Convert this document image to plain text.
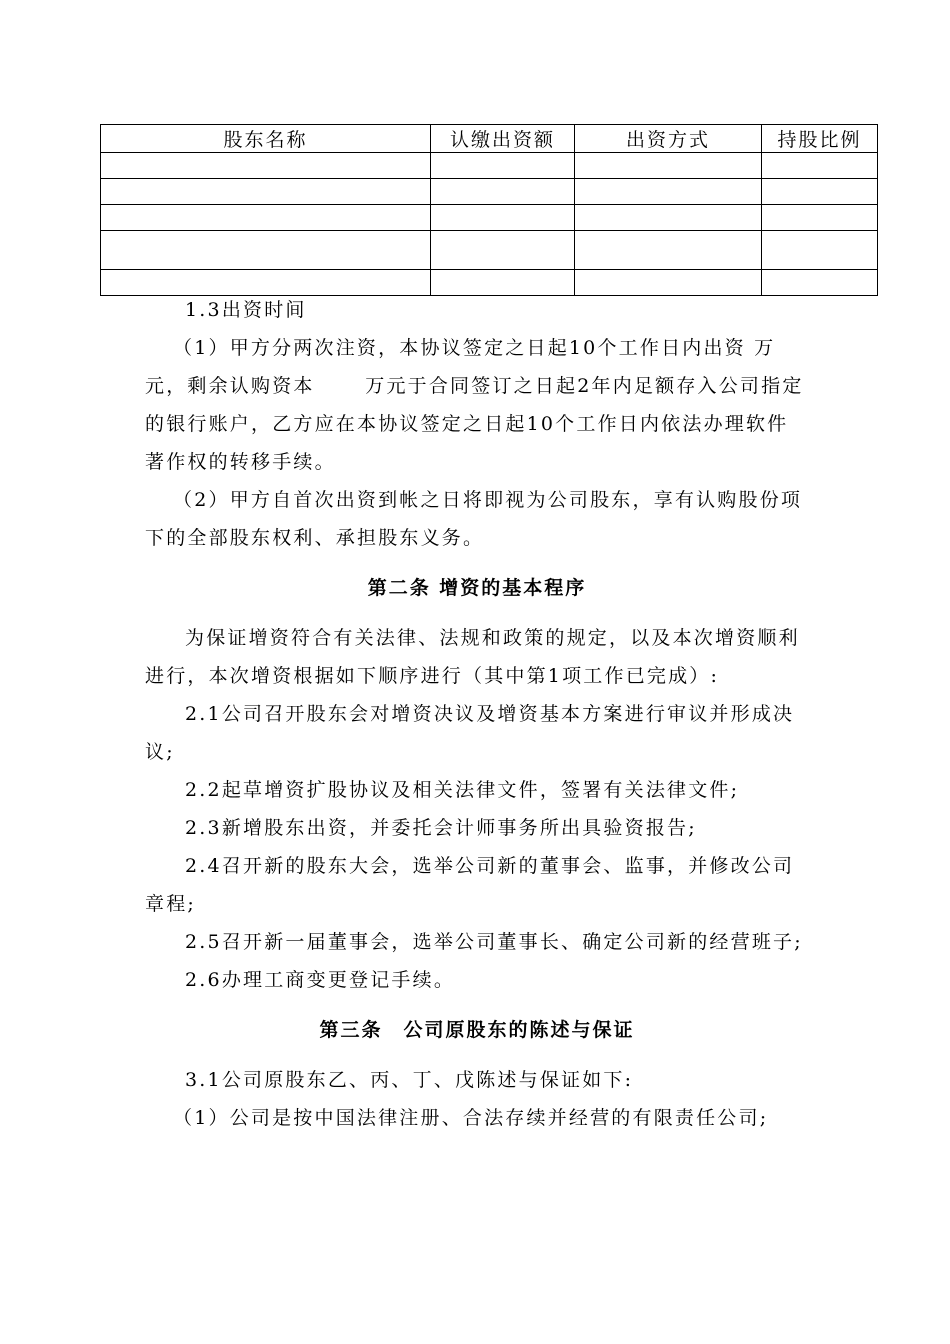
股东名称	认缴出资额	出资方式	持股比例

1.3出资时间

（1）甲方分两次注资，本协议签定之日起10个工作日内出资 万元，剩余认购资本 　　万元于合同签订之日起2年内足额存入公司指定的银行账户，乙方应在本协议签定之日起10个工作日内依法办理软件著作权的转移手续。

（2）甲方自首次出资到帐之日将即视为公司股东，享有认购股份项下的全部股东权利、承担股东义务。

第二条 增资的基本程序

为保证增资符合有关法律、法规和政策的规定，以及本次增资顺利进行，本次增资根据如下顺序进行（其中第1项工作已完成）:

2.1公司召开股东会对增资决议及增资基本方案进行审议并形成决议;

2.2起草增资扩股协议及相关法律文件，签署有关法律文件;

2.3新增股东出资，并委托会计师事务所出具验资报告;

2.4召开新的股东大会，选举公司新的董事会、监事，并修改公司章程;

2.5召开新一届董事会，选举公司董事长、确定公司新的经营班子;

2.6办理工商变更登记手续。

第三条　公司原股东的陈述与保证

3.1公司原股东乙、丙、丁、戊陈述与保证如下:

（1）公司是按中国法律注册、合法存续并经营的有限责任公司;
